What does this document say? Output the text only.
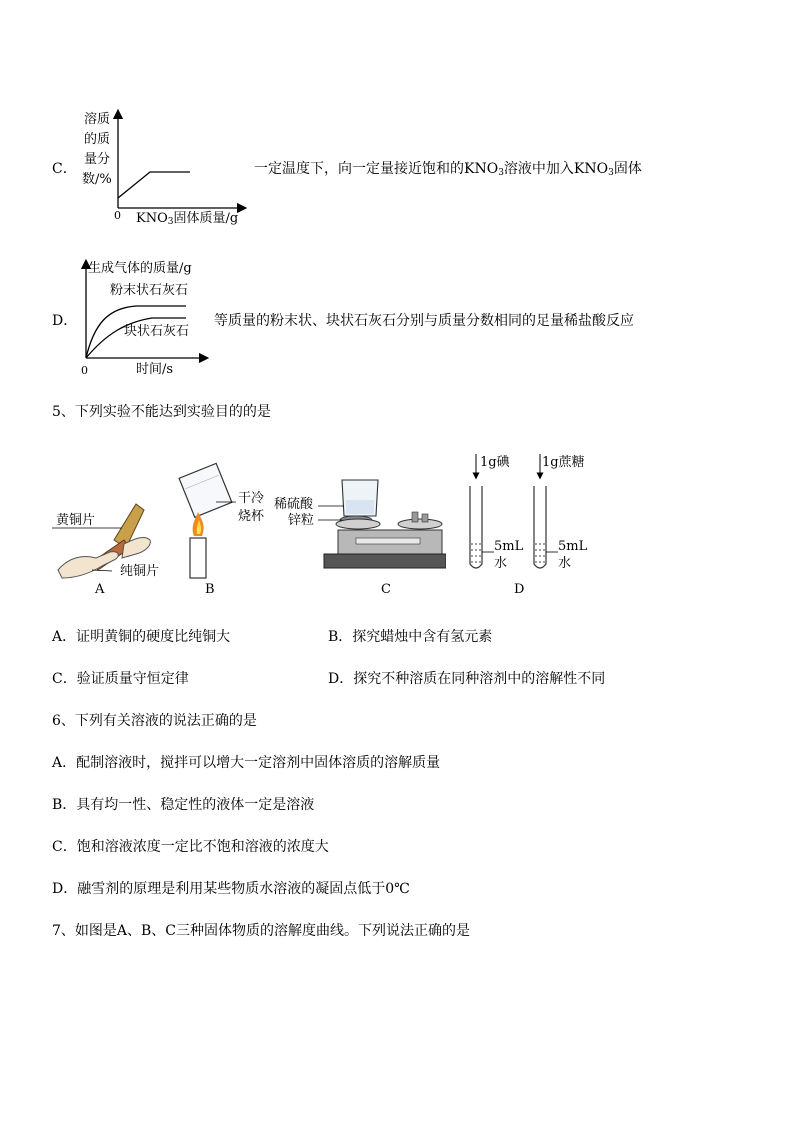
C．
溶质
的质
量分
数/%
0 $KNO_3$固体质量/g
一定温度下，向一定量接近饱和的$KNO_3$溶液中加入$KNO_3$固体
D．
0
生成气体的质量/g
粉末状石灰石
块状石灰石
时间/s
等质量的粉末状、块状石灰石分别与质量分数相同的足量稀盐酸反应
5、下列实验不能达到实验目的的是
黄铜片
纯铜片
A
干冷
烧杯
B
稀硫酸
锌粒
C
1g碘 1g蔗糖
5mL
水
5mL
水
D
A．证明黄铜的硬度比纯铜大	B．探究蜡烛中含有氢元素
C．验证质量守恒定律	D．探究不种溶质在同种溶剂中的溶解性不同
6、下列有关溶液的说法正确的是
A．配制溶液时，搅拌可以增大一定溶剂中固体溶质的溶解质量
B．具有均一性、稳定性的液体一定是溶液
C．饱和溶液浓度一定比不饱和溶液的浓度大
D．融雪剂的原理是利用某些物质水溶液的凝固点低于0℃
7、如图是A、B、C三种固体物质的溶解度曲线。下列说法正确的是
